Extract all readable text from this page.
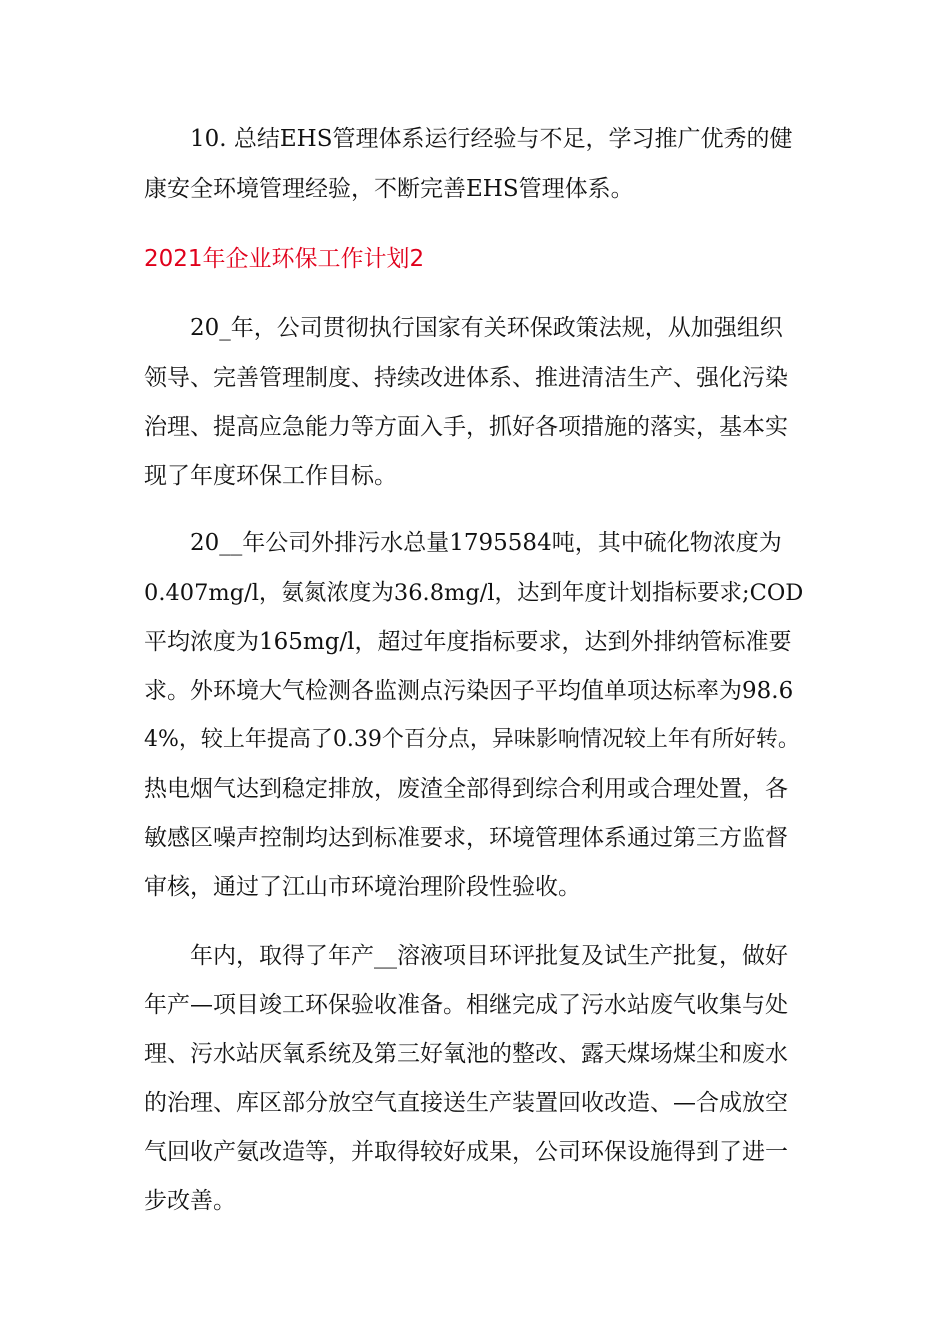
　　10. 总结EHS管理体系运行经验与不足，学习推广优秀的健
康安全环境管理经验，不断完善EHS管理体系。
2021年企业环保工作计划2
　　20_年，公司贯彻执行国家有关环保政策法规，从加强组织
领导、完善管理制度、持续改进体系、推进清洁生产、强化污染
治理、提高应急能力等方面入手，抓好各项措施的落实，基本实
现了年度环保工作目标。
　　20__年公司外排污水总量1795584吨，其中硫化物浓度为
0.407mg/l，氨氮浓度为36.8mg/l，达到年度计划指标要求;COD
平均浓度为165mg/l，超过年度指标要求，达到外排纳管标准要
求。外环境大气检测各监测点污染因子平均值单项达标率为98.6
4%，较上年提高了0.39个百分点，异味影响情况较上年有所好转。
热电烟气达到稳定排放，废渣全部得到综合利用或合理处置，各
敏感区噪声控制均达到标准要求，环境管理体系通过第三方监督
审核，通过了江山市环境治理阶段性验收。
　　年内，取得了年产__溶液项目环评批复及试生产批复，做好
年产—项目竣工环保验收准备。相继完成了污水站废气收集与处
理、污水站厌氧系统及第三好氧池的整改、露天煤场煤尘和废水
的治理、库区部分放空气直接送生产装置回收改造、—合成放空
气回收产氨改造等，并取得较好成果，公司环保设施得到了进一
步改善。
